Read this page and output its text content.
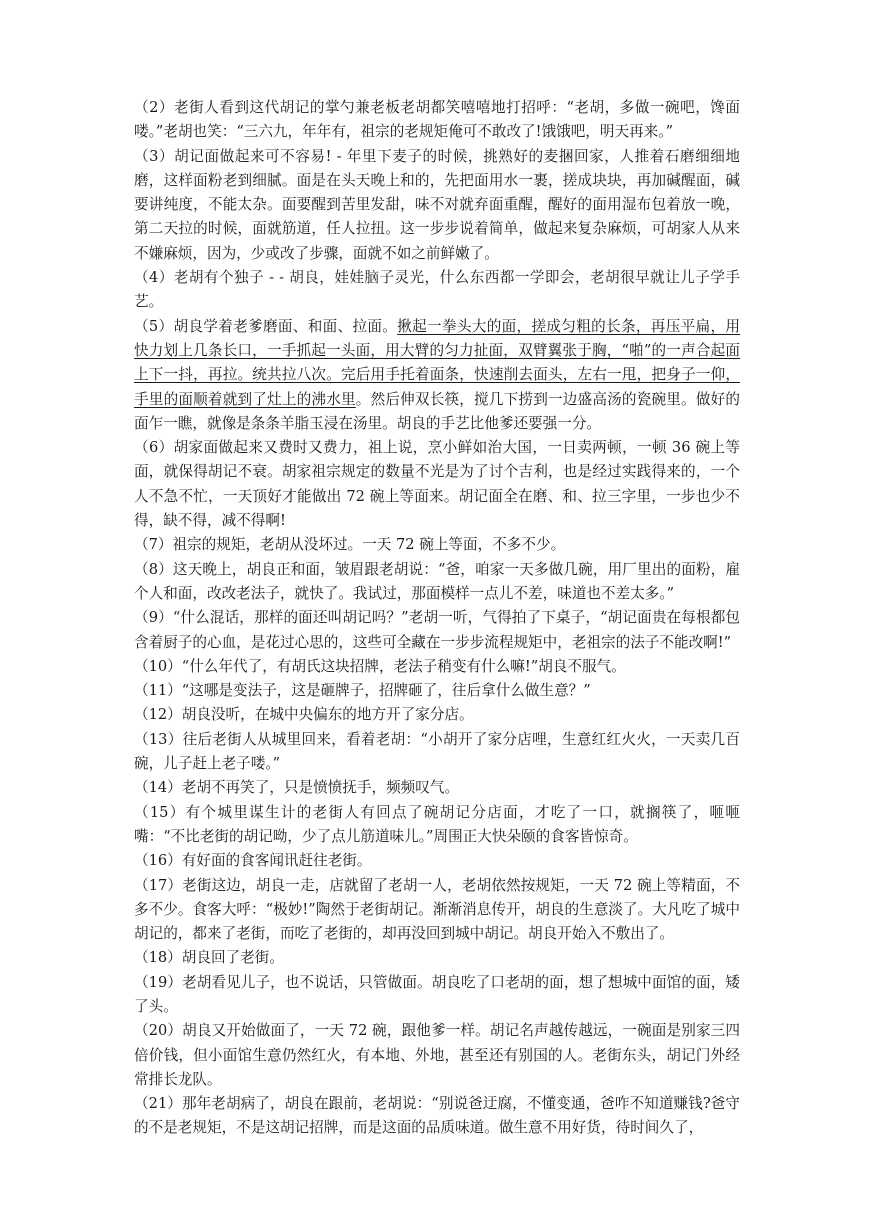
（2）老街人看到这代胡记的掌勺兼老板老胡都笑嘻嘻地打招呼：“老胡，多做一碗吧，馋面喽。”老胡也笑：“三六九，年年有，祖宗的老规矩俺可不敢改了!饿饿吧，明天再来。”

（3）胡记面做起来可不容易! - 年里下麦子的时候，挑熟好的麦捆回家，人推着石磨细细地磨，这样面粉老到细腻。面是在头天晚上和的，先把面用水一裹，搓成块块，再加碱醒面，碱要讲纯度，不能太杂。面要醒到苦里发甜，味不对就弃面重醒，醒好的面用湿布包着放一晚，第二天拉的时候，面就筋道，任人拉扭。这一步步说着简单，做起来复杂麻烦，可胡家人从来不嫌麻烦，因为，少或改了步骤，面就不如之前鲜嫩了。

（4）老胡有个独子 - - 胡良，娃娃脑子灵光，什么东西都一学即会，老胡很早就让儿子学手艺。

（5）胡良学着老爹磨面、和面、拉面。揪起一拳头大的面，搓成匀粗的长条，再压平扁，用快力划上几条长口，一手抓起一头面，用大臂的匀力扯面，双臂翼张于胸，“啪”的一声合起面上下一抖，再拉。统共拉八次。完后用手托着面条，快速削去面头，左右一甩，把身子一仰，手里的面顺着就到了灶上的沸水里。然后伸双长筷，搅几下捞到一边盛高汤的瓷碗里。做好的面乍一瞧，就像是条条羊脂玉浸在汤里。胡良的手艺比他爹还要强一分。

（6）胡家面做起来又费时又费力，祖上说，烹小鲜如治大国，一日卖两顿，一顿 36 碗上等面，就保得胡记不衰。胡家祖宗规定的数量不光是为了讨个吉利，也是经过实践得来的，一个人不急不忙，一天顶好才能做出 72 碗上等面来。胡记面全在磨、和、拉三字里，一步也少不得，缺不得，减不得啊!

（7）祖宗的规矩，老胡从没坏过。一天 72 碗上等面，不多不少。

（8）这天晚上，胡良正和面，皱眉跟老胡说：“爸，咱家一天多做几碗，用厂里出的面粉，雇个人和面，改改老法子，就快了。我试过，那面模样一点儿不差，味道也不差太多。”

（9）“什么混话，那样的面还叫胡记吗？”老胡一听，气得拍了下桌子，“胡记面贵在每根都包含着厨子的心血，是花过心思的，这些可全藏在一步步流程规矩中，老祖宗的法子不能改啊!”

（10）“什么年代了，有胡氏这块招牌，老法子稍变有什么嘛!”胡良不服气。

（11）“这哪是变法子，这是砸牌子，招牌砸了，往后拿什么做生意？”

（12）胡良没听，在城中央偏东的地方开了家分店。

（13）往后老街人从城里回来，看着老胡：“小胡开了家分店哩，生意红红火火，一天卖几百碗，儿子赶上老子喽。”

（14）老胡不再笑了，只是愤愤抚手，频频叹气。

（15）有个城里谋生计的老街人有回点了碗胡记分店面，才吃了一口，就搁筷了，咂咂嘴：“不比老街的胡记呦，少了点儿筋道味儿。”周围正大快朵颐的食客皆惊奇。

（16）有好面的食客闻讯赶往老街。

（17）老街这边，胡良一走，店就留了老胡一人，老胡依然按规矩，一天 72 碗上等精面，不多不少。食客大呼：“极妙!”陶然于老街胡记。渐渐消息传开，胡良的生意淡了。大凡吃了城中胡记的，都来了老街，而吃了老街的，却再没回到城中胡记。胡良开始入不敷出了。

（18）胡良回了老街。

（19）老胡看见儿子，也不说话，只管做面。胡良吃了口老胡的面，想了想城中面馆的面，矮了头。

（20）胡良又开始做面了，一天 72 碗，跟他爹一样。胡记名声越传越远，一碗面是别家三四倍价钱，但小面馆生意仍然红火，有本地、外地，甚至还有别国的人。老街东头，胡记门外经常排长龙队。

（21）那年老胡病了，胡良在跟前，老胡说：“别说爸迂腐，不懂变通，爸咋不知道赚钱?爸守的不是老规矩，不是这胡记招牌，而是这面的品质味道。做生意不用好货，待时间久了，
